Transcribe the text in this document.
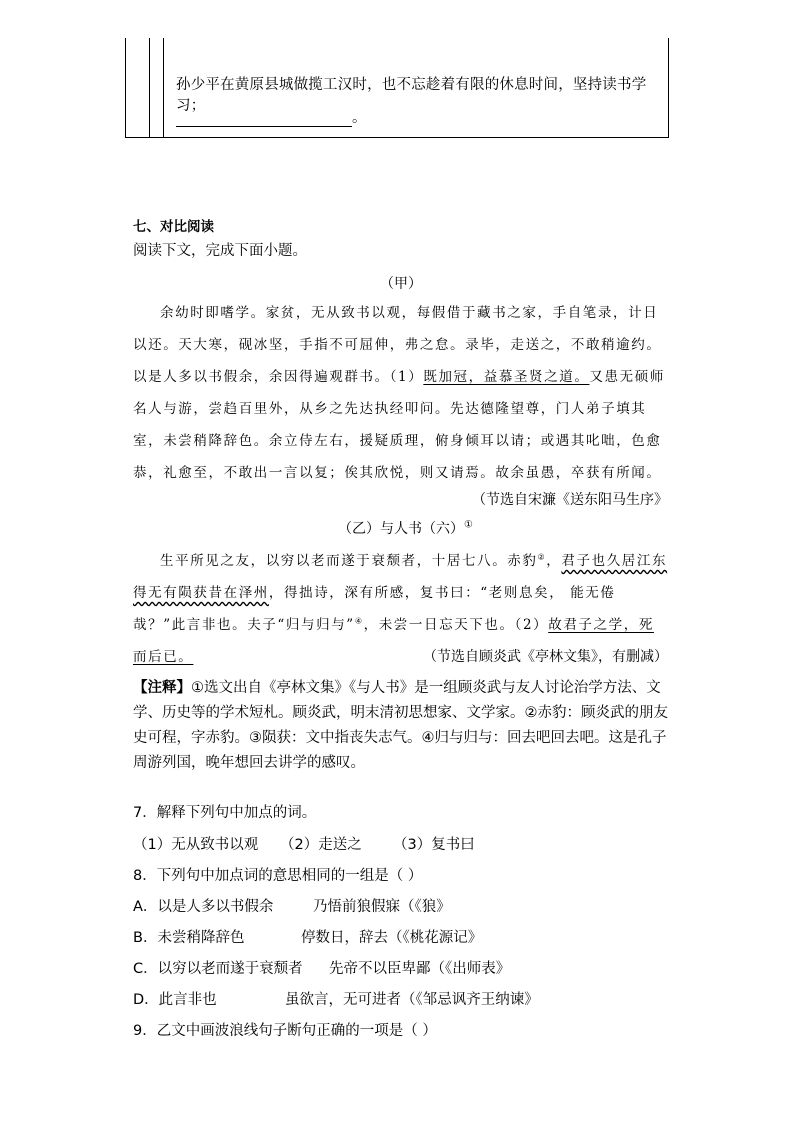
孙少平在黄原县城做揽工汉时，也不忘趁着有限的休息时间，坚持读书学习；
。
七、对比阅读
阅读下文，完成下面小题。
（甲）
余幼时即嗜学。家贫，无从致书以观，每假借于藏书之家，手自笔录，计日以还。天大寒，砚冰坚，手指不可屈伸，弗之怠。录毕，走送之，不敢稍逾约。以是人多以书假余，余因得遍观群书。（1）既加冠，益慕圣贤之道。又患无硕师名人与游，尝趋百里外，从乡之先达执经叩问。先达德隆望尊，门人弟子填其室，未尝稍降辞色。余立侍左右，援疑质理，俯身倾耳以请；或遇其叱咄，色愈恭，礼愈至，不敢出一言以复；俟其欣悦，则又请焉。故余虽愚，卒获有所闻。
（节选自宋濂《送东阳马生序》
（乙）与人书（六）①
生平所见之友，以穷以老而遂于衰颓者，十居七八。赤豹②，君子也久居江东得无有陨获昔在泽州，得拙诗，深有所感，复书曰：“老则息矣， 能无倦哉？”此言非也。夫子“归与归与”④，未尝一日忘天下也。（2）故君子之学，死而后已。	（节选自顾炎武《亭林文集》，有删减）
【注释】①选文出自《亭林文集》《与人书》是一组顾炎武与友人讨论治学方法、文学、历史等的学术短札。顾炎武，明末清初思想家、文学家。②赤豹：顾炎武的朋友史可程，字赤豹。③陨获：文中指丧失志气。④归与归与：回去吧回去吧。这是孔子周游列国，晚年想回去讲学的感叹。
7．解释下列句中加点的词。
（1）无从致书以观 （2）走送之 （3）复书曰
8．下列句中加点词的意思相同的一组是（ ）
A．以是人多以书假余	乃悟前狼假寐（《狼》
B．未尝稍降辞色	停数日，辞去（《桃花源记》
C．以穷以老而遂于衰颓者 先帝不以臣卑鄙（《出师表》
D．此言非也	虽欲言，无可进者（《邹忌讽齐王纳谏》
9．乙文中画波浪线句子断句正确的一项是（ ）
